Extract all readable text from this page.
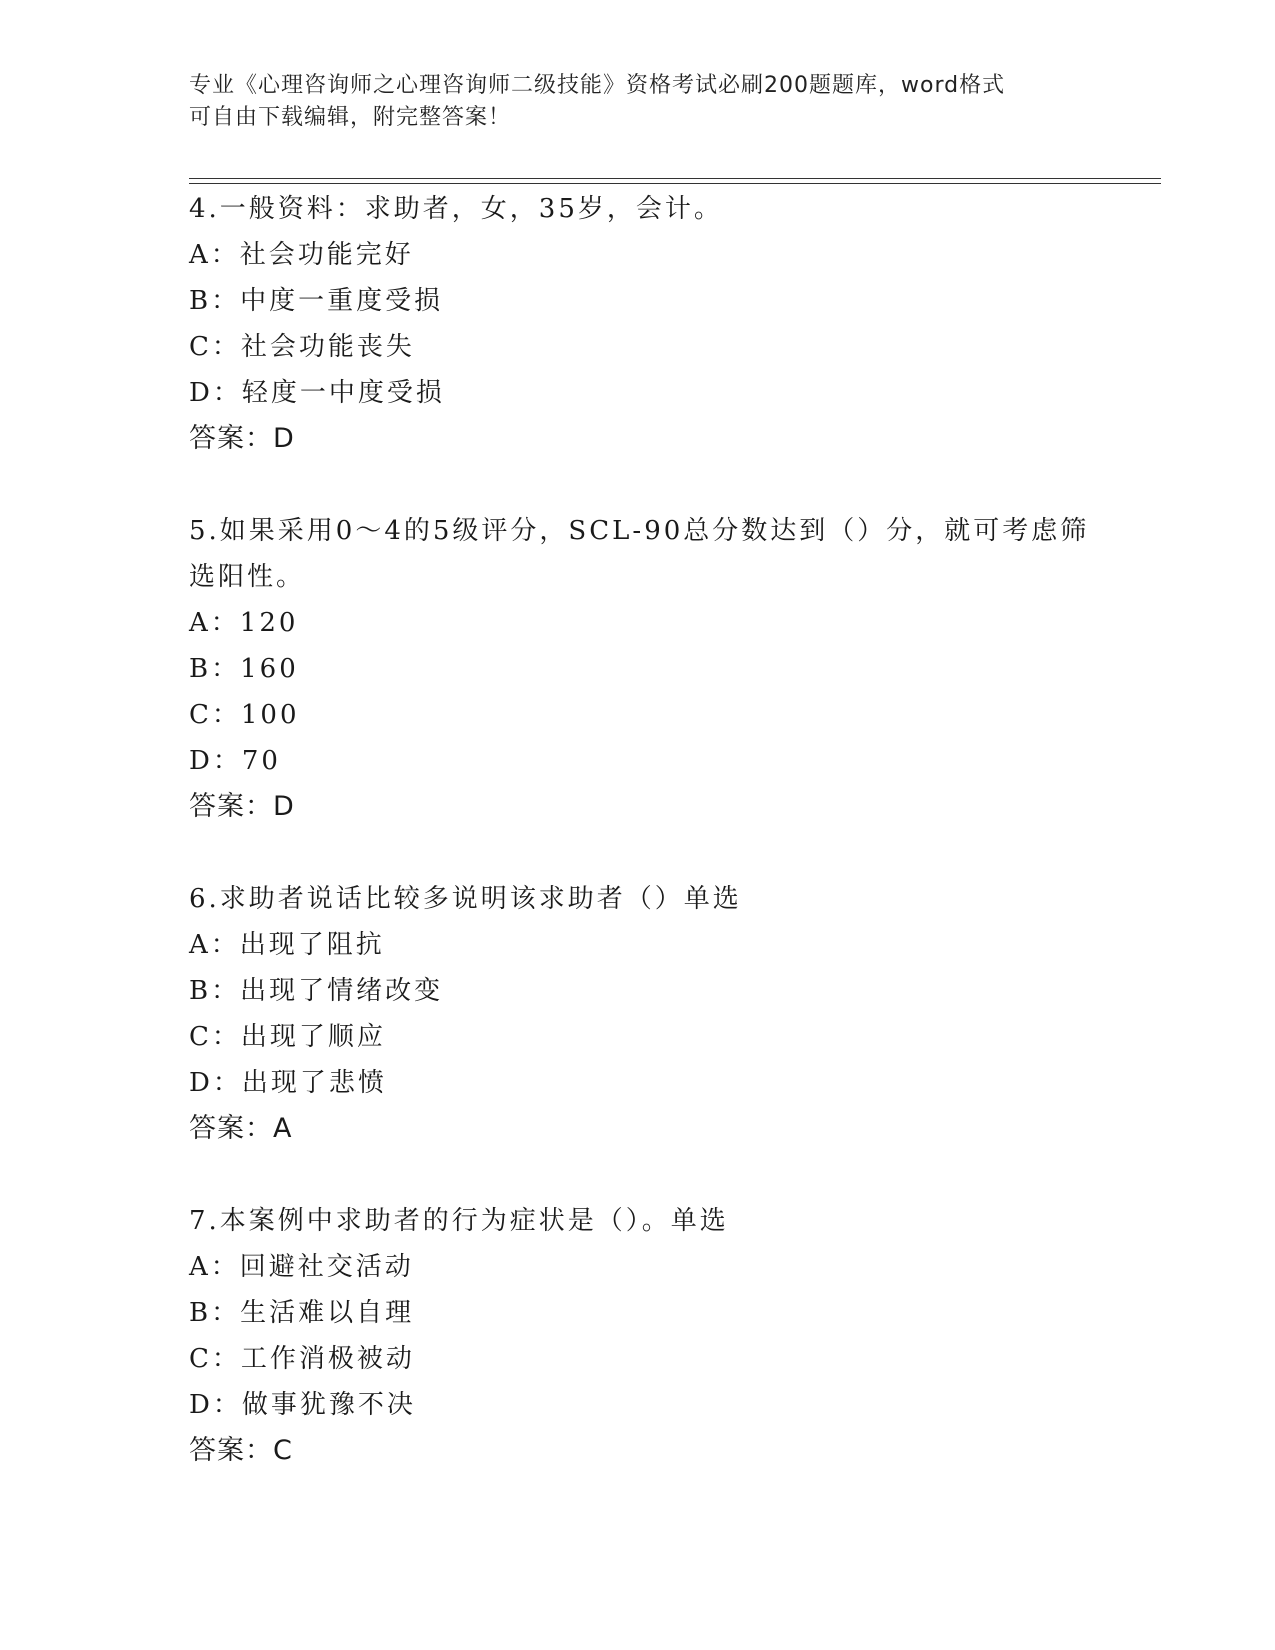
专业《心理咨询师之心理咨询师二级技能》资格考试必刷200题题库，word格式
可自由下载编辑，附完整答案！
4.一般资料：求助者，女，35岁，会计。
A：社会功能完好
B：中度一重度受损
C：社会功能丧失
D：轻度一中度受损
答案：D
5.如果采用0～4的5级评分，SCL-90总分数达到（）分，就可考虑筛
选阳性。
A：120
B：160
C：100
D：70
答案：D
6.求助者说话比较多说明该求助者（）单选
A：出现了阻抗
B：出现了情绪改变
C：出现了顺应
D：出现了悲愤
答案：A
7.本案例中求助者的行为症状是（）。单选
A：回避社交活动
B：生活难以自理
C：工作消极被动
D：做事犹豫不决
答案：C
